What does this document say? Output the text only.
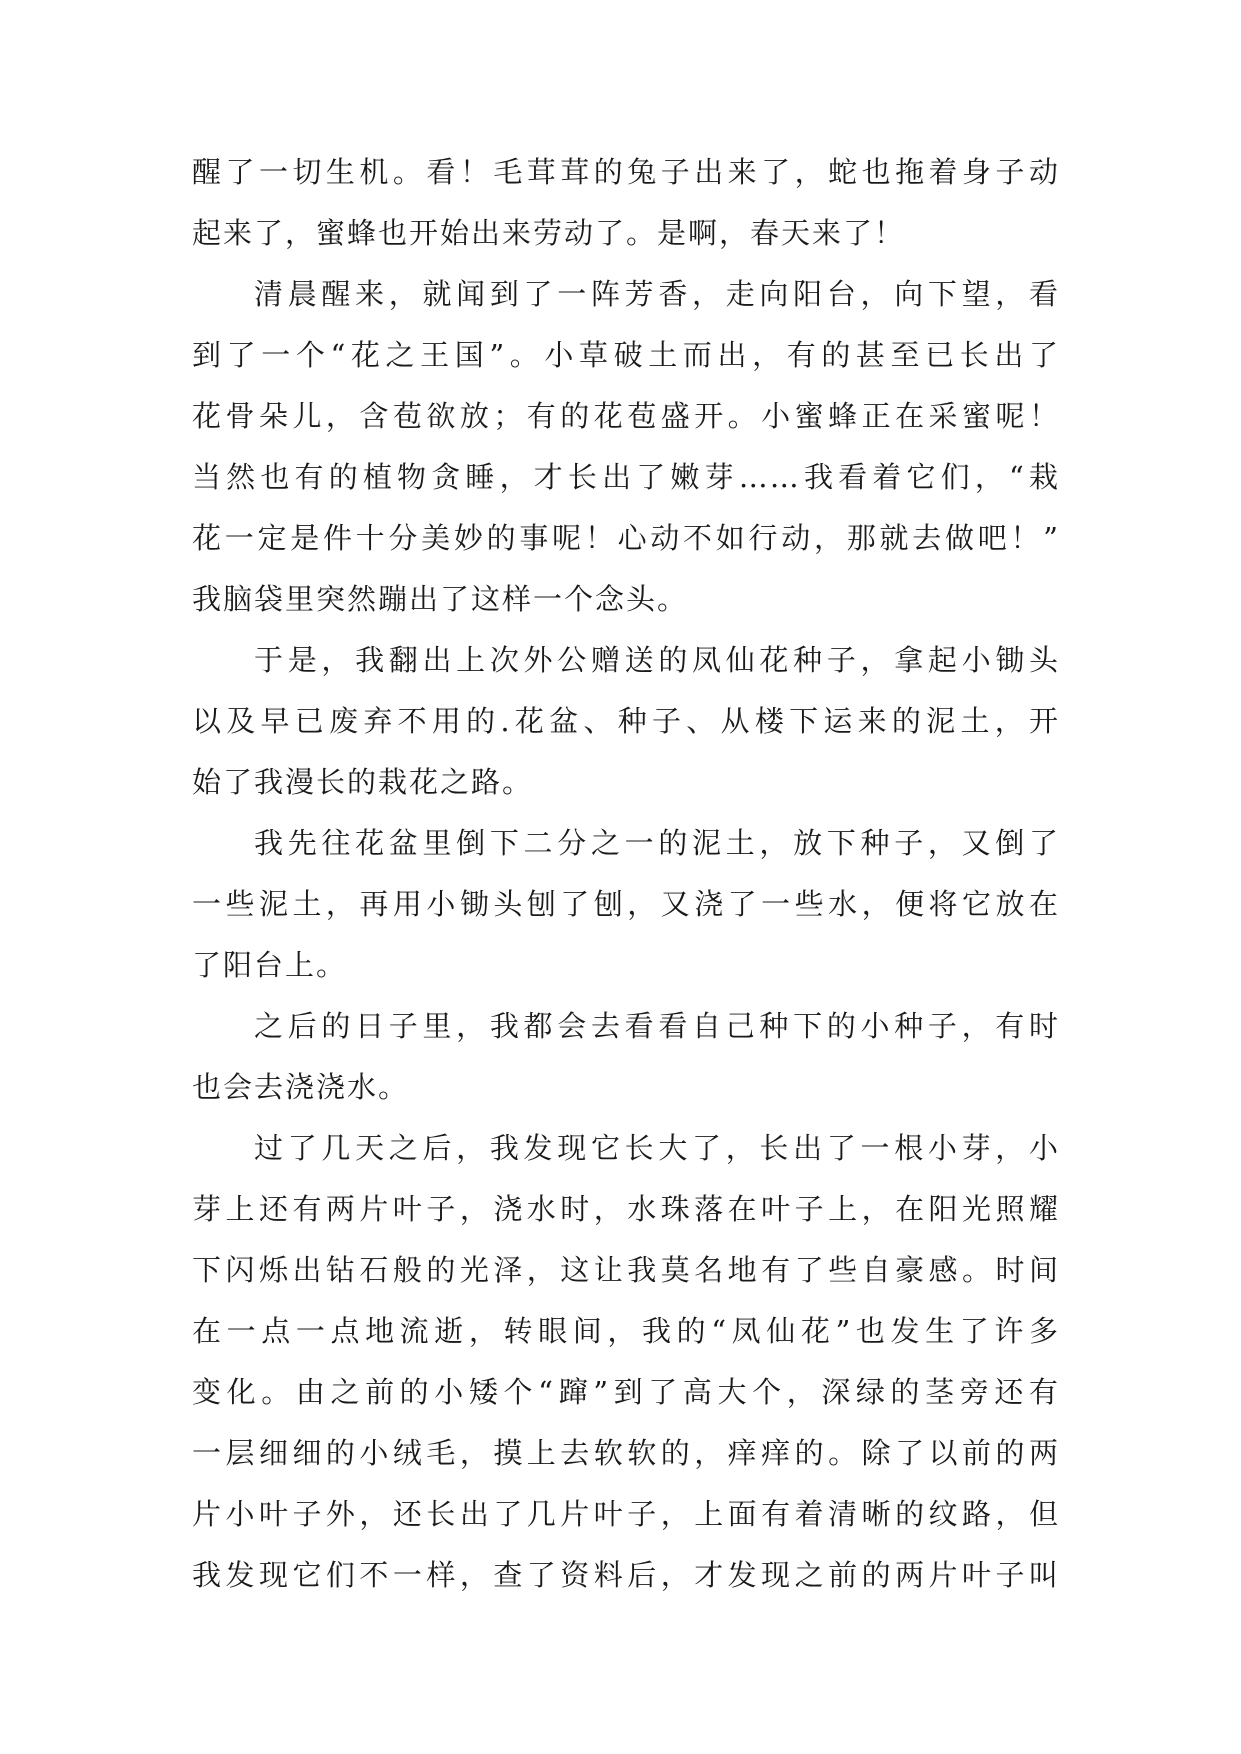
醒了一切生机。看！毛茸茸的兔子出来了，蛇也拖着身子动
起来了，蜜蜂也开始出来劳动了。是啊，春天来了！
清晨醒来，就闻到了一阵芳香，走向阳台，向下望，看
到了一个“花之王国”。小草破土而出，有的甚至已长出了
花骨朵儿，含苞欲放；有的花苞盛开。小蜜蜂正在采蜜呢！
当然也有的植物贪睡，才长出了嫩芽……我看着它们，“栽
花一定是件十分美妙的事呢！心动不如行动，那就去做吧！”
我脑袋里突然蹦出了这样一个念头。
于是，我翻出上次外公赠送的凤仙花种子，拿起小锄头
以及早已废弃不用的.花盆、种子、从楼下运来的泥土，开
始了我漫长的栽花之路。
我先往花盆里倒下二分之一的泥土，放下种子，又倒了
一些泥土，再用小锄头刨了刨，又浇了一些水，便将它放在
了阳台上。
之后的日子里，我都会去看看自己种下的小种子，有时
也会去浇浇水。
过了几天之后，我发现它长大了，长出了一根小芽，小
芽上还有两片叶子，浇水时，水珠落在叶子上，在阳光照耀
下闪烁出钻石般的光泽，这让我莫名地有了些自豪感。时间
在一点一点地流逝，转眼间，我的“凤仙花”也发生了许多
变化。由之前的小矮个“蹿”到了高大个，深绿的茎旁还有
一层细细的小绒毛，摸上去软软的，痒痒的。除了以前的两
片小叶子外，还长出了几片叶子，上面有着清晰的纹路，但
我发现它们不一样，查了资料后，才发现之前的两片叶子叫
